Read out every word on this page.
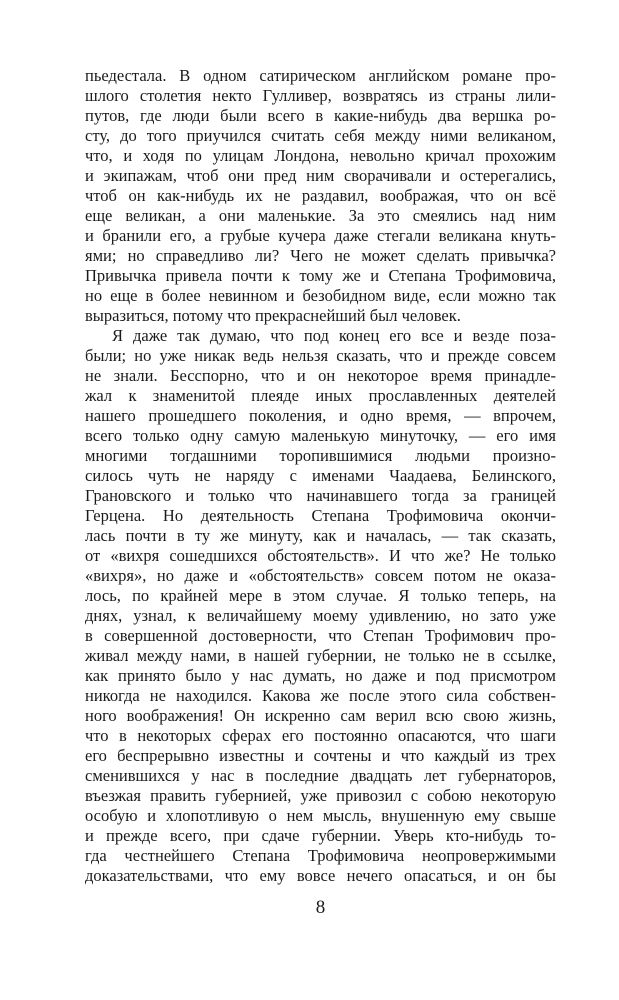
пьедестала. В одном сатирическом английском романе про-
шлого столетия некто Гулливер, возвратясь из страны лили-
путов, где люди были всего в какие-нибудь два вершка ро-
сту, до того приучился считать себя между ними великаном,
что, и ходя по улицам Лондона, невольно кричал прохожим
и экипажам, чтоб они пред ним сворачивали и остерегались,
чтоб он как-нибудь их не раздавил, воображая, что он всё
еще великан, а они маленькие. За это смеялись над ним
и бранили его, а грубые кучера даже стегали великана кнуть-
ями; но справедливо ли? Чего не может сделать привычка?
Привычка привела почти к тому же и Степана Трофимовича,
но еще в более невинном и безобидном виде, если можно так
выразиться, потому что прекраснейший был человек.
Я даже так думаю, что под конец его все и везде поза-
были; но уже никак ведь нельзя сказать, что и прежде совсем
не знали. Бесспорно, что и он некоторое время принадле-
жал к знаменитой плеяде иных прославленных деятелей
нашего прошедшего поколения, и одно время, — впрочем,
всего только одну самую маленькую минуточку, — его имя
многими тогдашними торопившимися людьми произно-
силось чуть не наряду с именами Чаадаева, Белинского,
Грановского и только что начинавшего тогда за границей
Герцена. Но деятельность Степана Трофимовича окончи-
лась почти в ту же минуту, как и началась, — так сказать,
от «вихря сошедшихся обстоятельств». И что же? Не только
«вихря», но даже и «обстоятельств» совсем потом не оказа-
лось, по крайней мере в этом случае. Я только теперь, на
днях, узнал, к величайшему моему удивлению, но зато уже
в совершенной достоверности, что Степан Трофимович про-
живал между нами, в нашей губернии, не только не в ссылке,
как принято было у нас думать, но даже и под присмотром
никогда не находился. Какова же после этого сила собствен-
ного воображения! Он искренно сам верил всю свою жизнь,
что в некоторых сферах его постоянно опасаются, что шаги
его беспрерывно известны и сочтены и что каждый из трех
сменившихся у нас в последние двадцать лет губернаторов,
въезжая править губернией, уже привозил с собою некоторую
особую и хлопотливую о нем мысль, внушенную ему свыше
и прежде всего, при сдаче губернии. Уверь кто-нибудь то-
гда честнейшего Степана Трофимовича неопровержимыми
доказательствами, что ему вовсе нечего опасаться, и он бы
8
